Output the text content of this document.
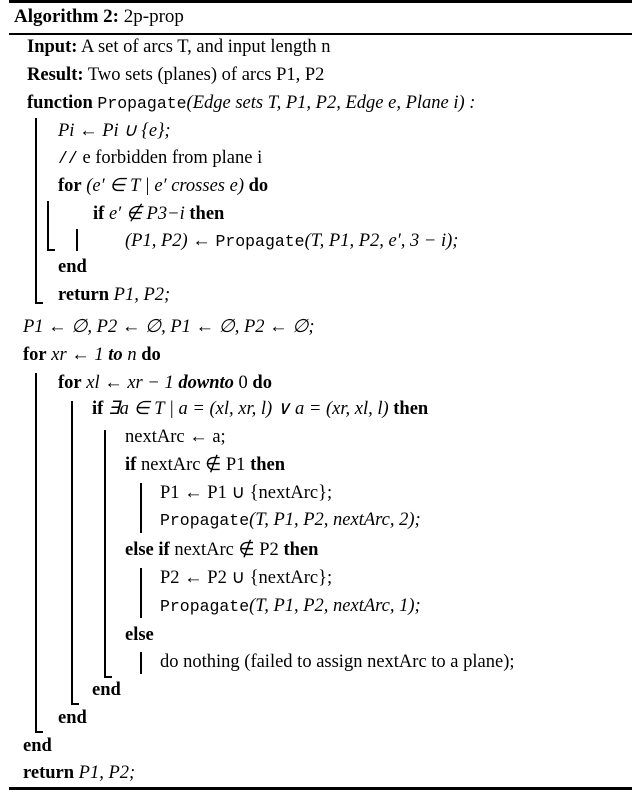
Algorithm 2: 2p-prop
Input: A set of arcs T, and input length n
Result: Two sets (planes) of arcs P1, P2
function Propagate(Edge sets T, P1, P2, Edge e, Plane i) :
Pi ← Pi ∪ {e};
// e forbidden from plane i
for (e′ ∈ T | e′ crosses e) do
if e′ ∉ P3−i then
(P1, P2) ← Propagate(T, P1, P2, e′, 3 − i);
end
return P1, P2;
P1 ← ∅, P2 ← ∅, P1 ← ∅, P2 ← ∅;
for xr ← 1 to n do
for xl ← xr − 1 downto 0 do
if ∃a ∈ T | a = (xl, xr, l) ∨ a = (xr, xl, l) then
nextArc ← a;
if nextArc ∉ P1 then
P1 ← P1 ∪ {nextArc};
Propagate(T, P1, P2, nextArc, 2);
else if nextArc ∉ P2 then
P2 ← P2 ∪ {nextArc};
Propagate(T, P1, P2, nextArc, 1);
else
do nothing (failed to assign nextArc to a plane);
end
end
end
return P1, P2;
